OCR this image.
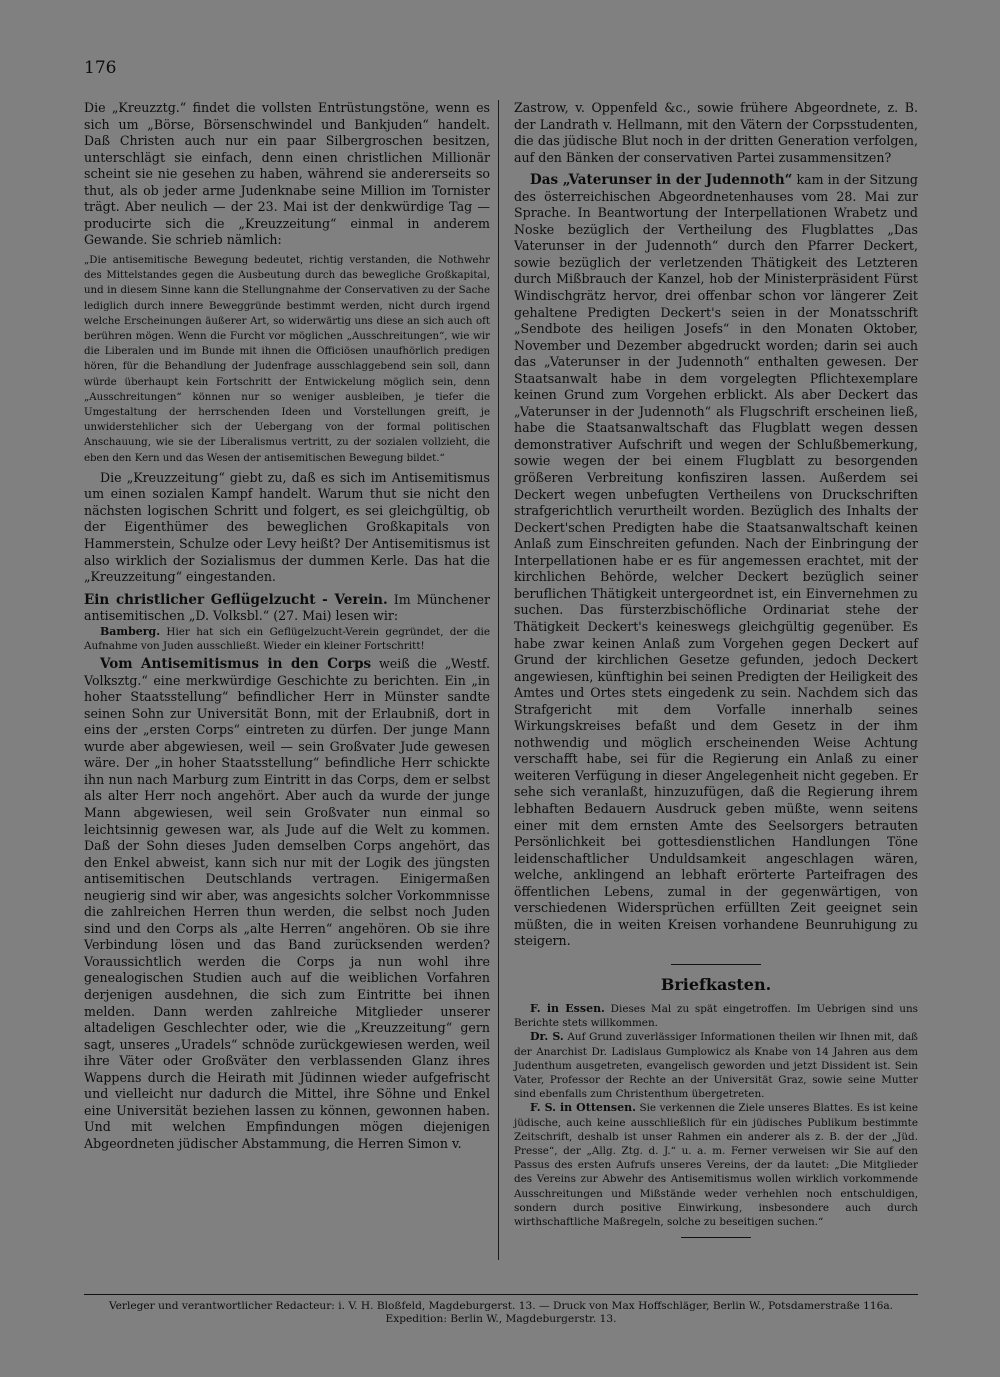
176

Die „Kreuzztg.“ findet die vollsten Entrüstungstöne, wenn es sich um „Börse, Börsenschwindel und Bankjuden“ handelt. Daß Christen auch nur ein paar Silbergroschen besitzen, unterschlägt sie einfach, denn einen christlichen Millionär scheint sie nie gesehen zu haben, während sie andererseits so thut, als ob jeder arme Judenknabe seine Million im Tornister trägt. Aber neulich — der 23. Mai ist der denkwürdige Tag — producirte sich die „Kreuzzeitung“ einmal in anderem Gewande. Sie schrieb nämlich:

„Die antisemitische Bewegung bedeutet, richtig verstanden, die Nothwehr des Mittelstandes gegen die Ausbeutung durch das bewegliche Großkapital, und in diesem Sinne kann die Stellungnahme der Conservativen zu der Sache lediglich durch innere Beweggründe bestimmt werden, nicht durch irgend welche Erscheinungen äußerer Art, so widerwärtig uns diese an sich auch oft berühren mögen. Wenn die Furcht vor möglichen „Ausschreitungen“, wie wir die Liberalen und im Bunde mit ihnen die Officiösen unaufhörlich predigen hören, für die Behandlung der Judenfrage ausschlaggebend sein soll, dann würde überhaupt kein Fortschritt der Entwickelung möglich sein, denn „Ausschreitungen“ können nur so weniger ausbleiben, je tiefer die Umgestaltung der herrschenden Ideen und Vorstellungen greift, je unwiderstehlicher sich der Uebergang von der formal politischen Anschauung, wie sie der Liberalismus vertritt, zu der sozialen vollzieht, die eben den Kern und das Wesen der antisemitischen Bewegung bildet.“

Die „Kreuzzeitung“ giebt zu, daß es sich im Antisemitismus um einen sozialen Kampf handelt. Warum thut sie nicht den nächsten logischen Schritt und folgert, es sei gleichgültig, ob der Eigenthümer des beweglichen Großkapitals von Hammerstein, Schulze oder Levy heißt? Der Antisemitismus ist also wirklich der Sozialismus der dummen Kerle. Das hat die „Kreuzzeitung“ eingestanden.

Ein christlicher Geflügelzucht - Verein. Im Münchener antisemitischen „D. Volksbl.“ (27. Mai) lesen wir:

Bamberg. Hier hat sich ein Geflügelzucht-Verein gegründet, der die Aufnahme von Juden ausschließt. Wieder ein kleiner Fortschritt!

Vom Antisemitismus in den Corps weiß die „Westf. Volksztg.“ eine merkwürdige Geschichte zu berichten. Ein „in hoher Staatsstellung“ befindlicher Herr in Münster sandte seinen Sohn zur Universität Bonn, mit der Erlaubniß, dort in eins der „ersten Corps“ eintreten zu dürfen. Der junge Mann wurde aber abgewiesen, weil — sein Großvater Jude gewesen wäre. Der „in hoher Staatsstellung“ befindliche Herr schickte ihn nun nach Marburg zum Eintritt in das Corps, dem er selbst als alter Herr noch angehört. Aber auch da wurde der junge Mann abgewiesen, weil sein Großvater nun einmal so leichtsinnig gewesen war, als Jude auf die Welt zu kommen. Daß der Sohn dieses Juden demselben Corps angehört, das den Enkel abweist, kann sich nur mit der Logik des jüngsten antisemitischen Deutschlands vertragen. Einigermaßen neugierig sind wir aber, was angesichts solcher Vorkommnisse die zahlreichen Herren thun werden, die selbst noch Juden sind und den Corps als „alte Herren“ angehören. Ob sie ihre Verbindung lösen und das Band zurücksenden werden? Voraussichtlich werden die Corps ja nun wohl ihre genealogischen Studien auch auf die weiblichen Vorfahren derjenigen ausdehnen, die sich zum Eintritte bei ihnen melden. Dann werden zahlreiche Mitglieder unserer altadeligen Geschlechter oder, wie die „Kreuzzeitung“ gern sagt, unseres „Uradels“ schnöde zurückgewiesen werden, weil ihre Väter oder Großväter den verblassenden Glanz ihres Wappens durch die Heirath mit Jüdinnen wieder aufgefrischt und vielleicht nur dadurch die Mittel, ihre Söhne und Enkel eine Universität beziehen lassen zu können, gewonnen haben. Und mit welchen Empfindungen mögen diejenigen Abgeordneten jüdischer Abstammung, die Herren Simon v.

Zastrow, v. Oppenfeld &c., sowie frühere Abgeordnete, z. B. der Landrath v. Hellmann, mit den Vätern der Corpsstudenten, die das jüdische Blut noch in der dritten Generation verfolgen, auf den Bänken der conservativen Partei zusammensitzen?

Das „Vaterunser in der Judennoth“ kam in der Sitzung des österreichischen Abgeordnetenhauses vom 28. Mai zur Sprache. In Beantwortung der Interpellationen Wrabetz und Noske bezüglich der Vertheilung des Flugblattes „Das Vaterunser in der Judennoth“ durch den Pfarrer Deckert, sowie bezüglich der verletzenden Thätigkeit des Letzteren durch Mißbrauch der Kanzel, hob der Ministerpräsident Fürst Windischgrätz hervor, drei offenbar schon vor längerer Zeit gehaltene Predigten Deckert's seien in der Monatsschrift „Sendbote des heiligen Josefs“ in den Monaten Oktober, November und Dezember abgedruckt worden; darin sei auch das „Vaterunser in der Judennoth“ enthalten gewesen. Der Staatsanwalt habe in dem vorgelegten Pflichtexemplare keinen Grund zum Vorgehen erblickt. Als aber Deckert das „Vaterunser in der Judennoth“ als Flugschrift erscheinen ließ, habe die Staatsanwaltschaft das Flugblatt wegen dessen demonstrativer Aufschrift und wegen der Schlußbemerkung, sowie wegen der bei einem Flugblatt zu besorgenden größeren Verbreitung konfisziren lassen. Außerdem sei Deckert wegen unbefugten Vertheilens von Druckschriften strafgerichtlich verurtheilt worden. Bezüglich des Inhalts der Deckert'schen Predigten habe die Staatsanwaltschaft keinen Anlaß zum Einschreiten gefunden. Nach der Einbringung der Interpellationen habe er es für angemessen erachtet, mit der kirchlichen Behörde, welcher Deckert bezüglich seiner beruflichen Thätigkeit untergeordnet ist, ein Einvernehmen zu suchen. Das fürsterzbischöfliche Ordinariat stehe der Thätigkeit Deckert's keineswegs gleichgültig gegenüber. Es habe zwar keinen Anlaß zum Vorgehen gegen Deckert auf Grund der kirchlichen Gesetze gefunden, jedoch Deckert angewiesen, künftighin bei seinen Predigten der Heiligkeit des Amtes und Ortes stets eingedenk zu sein. Nachdem sich das Strafgericht mit dem Vorfalle innerhalb seines Wirkungskreises befaßt und dem Gesetz in der ihm nothwendig und möglich erscheinenden Weise Achtung verschafft habe, sei für die Regierung ein Anlaß zu einer weiteren Verfügung in dieser Angelegenheit nicht gegeben. Er sehe sich veranlaßt, hinzuzufügen, daß die Regierung ihrem lebhaften Bedauern Ausdruck geben müßte, wenn seitens einer mit dem ernsten Amte des Seelsorgers betrauten Persönlichkeit bei gottesdienstlichen Handlungen Töne leidenschaftlicher Unduldsamkeit angeschlagen wären, welche, anklingend an lebhaft erörterte Parteifragen des öffentlichen Lebens, zumal in der gegenwärtigen, von verschiedenen Widersprüchen erfüllten Zeit geeignet sein müßten, die in weiten Kreisen vorhandene Beunruhigung zu steigern.

Briefkasten.

F. in Essen. Dieses Mal zu spät eingetroffen. Im Uebrigen sind uns Berichte stets willkommen.

Dr. S. Auf Grund zuverlässiger Informationen theilen wir Ihnen mit, daß der Anarchist Dr. Ladislaus Gumplowicz als Knabe von 14 Jahren aus dem Judenthum ausgetreten, evangelisch geworden und jetzt Dissident ist. Sein Vater, Professor der Rechte an der Universität Graz, sowie seine Mutter sind ebenfalls zum Christenthum übergetreten.

F. S. in Ottensen. Sie verkennen die Ziele unseres Blattes. Es ist keine jüdische, auch keine ausschließlich für ein jüdisches Publikum bestimmte Zeitschrift, deshalb ist unser Rahmen ein anderer als z. B. der der „Jüd. Presse“, der „Allg. Ztg. d. J.“ u. a. m. Ferner verweisen wir Sie auf den Passus des ersten Aufrufs unseres Vereins, der da lautet: „Die Mitglieder des Vereins zur Abwehr des Antisemitismus wollen wirklich vorkommende Ausschreitungen und Mißstände weder verhehlen noch entschuldigen, sondern durch positive Einwirkung, insbesondere auch durch wirthschaftliche Maßregeln, solche zu beseitigen suchen.“

Verleger und verantwortlicher Redacteur: i. V. H. Bloßfeld, Magdeburgerst. 13. — Druck von Max Hoffschläger, Berlin W., Potsdamerstraße 116a.
Expedition: Berlin W., Magdeburgerstr. 13.
